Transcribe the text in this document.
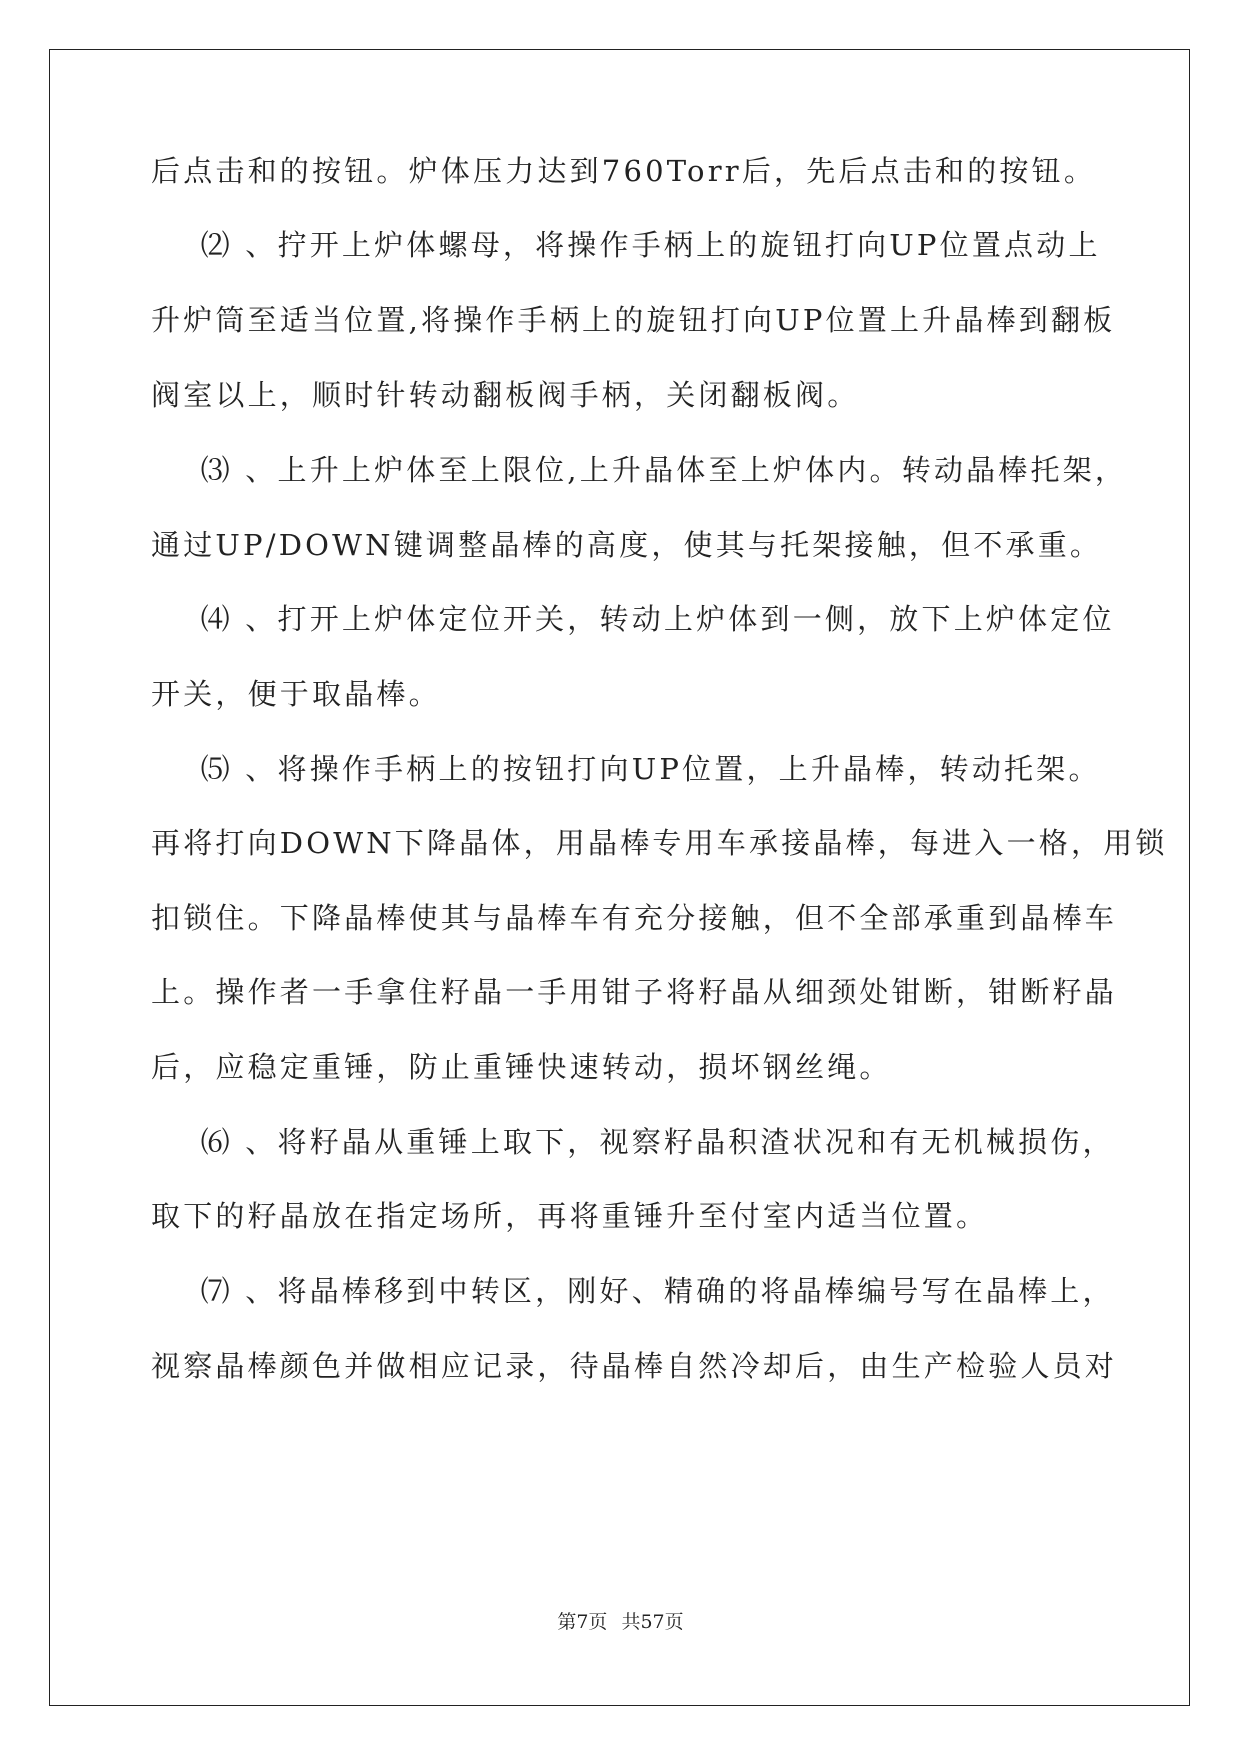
后点击和的按钮。炉体压力达到760Torr后，先后点击和的按钮。
⑵ 、拧开上炉体螺母，将操作手柄上的旋钮打向UP位置点动上
升炉筒至适当位置,将操作手柄上的旋钮打向UP位置上升晶棒到翻板
阀室以上，顺时针转动翻板阀手柄，关闭翻板阀。
⑶ 、上升上炉体至上限位,上升晶体至上炉体内。转动晶棒托架，
通过UP/DOWN键调整晶棒的高度，使其与托架接触，但不承重。
⑷ 、打开上炉体定位开关，转动上炉体到一侧，放下上炉体定位
开关，便于取晶棒。
⑸ 、将操作手柄上的按钮打向UP位置，上升晶棒，转动托架。
再将打向DOWN下降晶体，用晶棒专用车承接晶棒，每进入一格，用锁
扣锁住。下降晶棒使其与晶棒车有充分接触，但不全部承重到晶棒车
上。操作者一手拿住籽晶一手用钳子将籽晶从细颈处钳断，钳断籽晶
后，应稳定重锤，防止重锤快速转动，损坏钢丝绳。
⑹ 、将籽晶从重锤上取下，视察籽晶积渣状况和有无机械损伤，
取下的籽晶放在指定场所，再将重锤升至付室内适当位置。
⑺ 、将晶棒移到中转区，刚好、精确的将晶棒编号写在晶棒上，
视察晶棒颜色并做相应记录，待晶棒自然冷却后，由生产检验人员对
第7页 共57页
